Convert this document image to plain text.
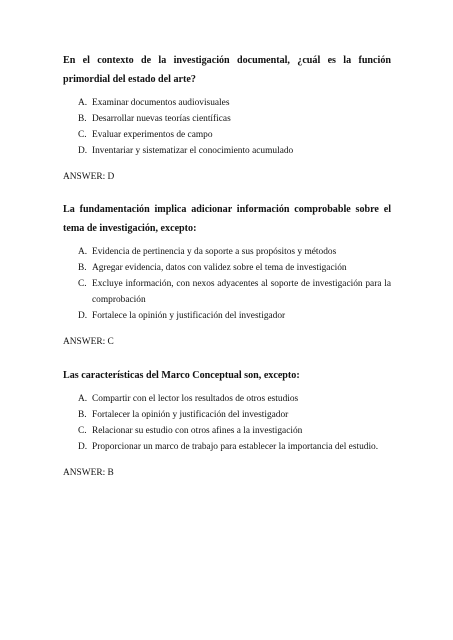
En el contexto de la investigación documental, ¿cuál es la función primordial del estado del arte?

A. Examinar documentos audiovisuales
B. Desarrollar nuevas teorías científicas
C. Evaluar experimentos de campo
D. Inventariar y sistematizar el conocimiento acumulado
ANSWER: D

La fundamentación implica adicionar información comprobable sobre el tema de investigación, excepto:

A. Evidencia de pertinencia y da soporte a sus propósitos y métodos
B. Agregar evidencia, datos con validez sobre el tema de investigación
C. Excluye información, con nexos adyacentes al soporte de investigación para la comprobación
D. Fortalece la opinión y justificación del investigador
ANSWER: C

Las características del Marco Conceptual son, excepto:

A. Compartir con el lector los resultados de otros estudios
B. Fortalecer la opinión y justificación del investigador
C. Relacionar su estudio con otros afines a la investigación
D. Proporcionar un marco de trabajo para establecer la importancia del estudio.
ANSWER: B
